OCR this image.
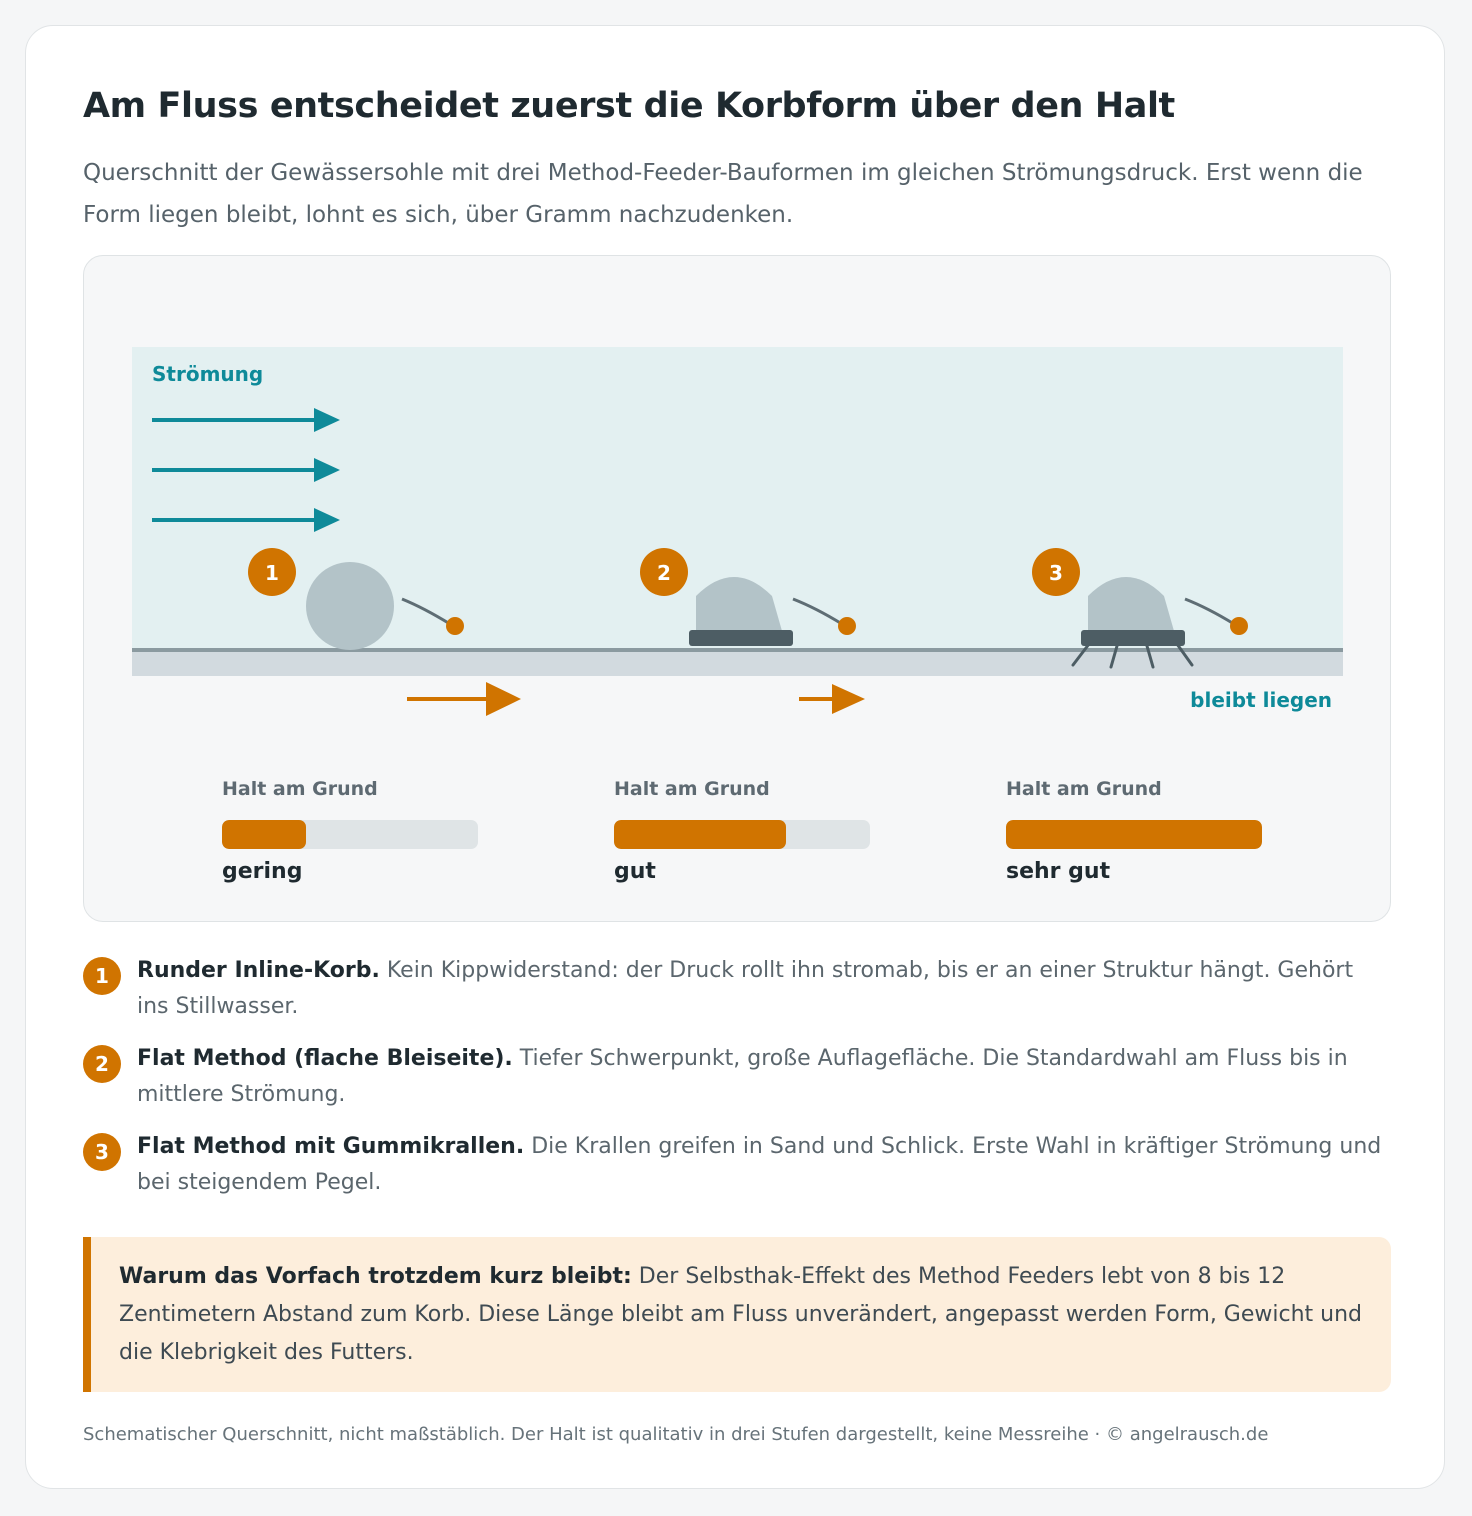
Am Fluss entscheidet zuerst die Korbform über den Halt

Querschnitt der Gewässersohle mit drei Method-Feeder-Bauformen im gleichen Strömungsdruck. Erst wenn die Form liegen bleibt, lohnt es sich, über Gramm nachzudenken.

Strömung
1	2	3
bleibt liegen
Halt am Grund
gering
Halt am Grund
gut
Halt am Grund
sehr gut
1	Runder Inline-Korb. Kein Kippwiderstand: der Druck rollt ihn stromab, bis er an einer Struktur hängt. Gehört ins Stillwasser.

2	Flat Method (flache Bleiseite). Tiefer Schwerpunkt, große Auflagefläche. Die Standardwahl am Fluss bis in mittlere Strömung.

3	Flat Method mit Gummikrallen. Die Krallen greifen in Sand und Schlick. Erste Wahl in kräftiger Strömung und bei steigendem Pegel.

Warum das Vorfach trotzdem kurz bleibt: Der Selbsthak-Effekt des Method Feeders lebt von 8 bis 12 Zentimetern Abstand zum Korb. Diese Länge bleibt am Fluss unverändert, angepasst werden Form, Gewicht und die Klebrigkeit des Futters.

Schematischer Querschnitt, nicht maßstäblich. Der Halt ist qualitativ in drei Stufen dargestellt, keine Messreihe · © angelrausch.de
